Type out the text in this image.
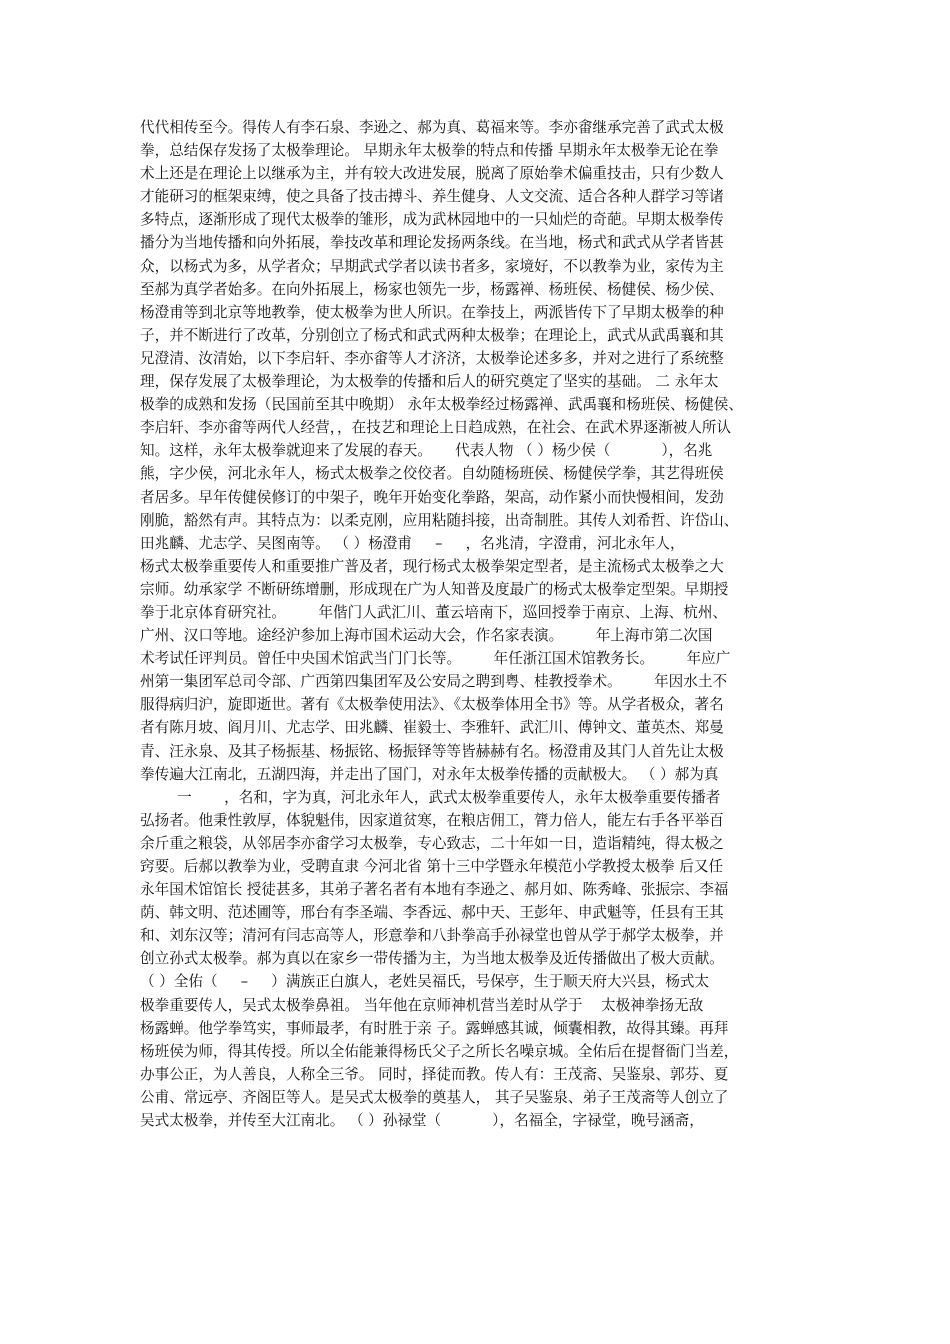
代代相传至今。得传人有李石泉、李逊之、郝为真、葛福来等。李亦畬继承完善了武式太极
拳，总结保存发扬了太极拳理论。 早期永年太极拳的特点和传播 早期永年太极拳无论在拳
术上还是在理论上以继承为主，并有较大改进发展，脱离了原始拳术偏重技击，只有少数人
才能研习的框架束缚，使之具备了技击搏斗、养生健身、人文交流、适合各种人群学习等诸
多特点，逐渐形成了现代太极拳的雏形，成为武林园地中的一只灿烂的奇葩。早期太极拳传
播分为当地传播和向外拓展，拳技改革和理论发扬两条线。在当地，杨式和武式从学者皆甚
众，以杨式为多，从学者众；早期武式学者以读书者多，家境好，不以教拳为业，家传为主
至郝为真学者始多。在向外拓展上，杨家也领先一步，杨露禅、杨班侯、杨健侯、杨少侯、
杨澄甫等到北京等地教拳，使太极拳为世人所识。在拳技上，两派皆传下了早期太极拳的种
子，并不断进行了改革，分别创立了杨式和武式两种太极拳；在理论上，武式从武禹襄和其
兄澄清、汝清始，以下李启轩、李亦畬等人才济济，太极拳论述多多，并对之进行了系统整
理，保存发展了太极拳理论，为太极拳的传播和后人的研究奠定了坚实的基础。 二 永年太
极拳的成熟和发扬（民国前至其中晚期） 永年太极拳经过杨露禅、武禹襄和杨班侯、杨健侯、
李启轩、李亦畬等两代人经营，，在技艺和理论上日趋成熟，在社会、在武术界逐渐被人所认
知。这样，永年太极拳就迎来了发展的春天。     代表人物 （ ）杨少侯（           ），名兆
熊，字少侯，河北永年人，杨式太极拳之佼佼者。自幼随杨班侯、杨健侯学拳，其艺得班侯
者居多。早年传健侯修订的中架子，晚年开始变化拳路，架高，动作紧小而快慢相间，发劲
刚脆，豁然有声。其特点为：以柔克刚，应用粘随抖接，出奇制胜。其传人刘希哲、许岱山、
田兆麟、尤志学、吴图南等。 （ ）杨澄甫     –     ，名兆清，字澄甫，河北永年人，
杨式太极拳重要传人和重要推广普及者，现行杨式太极拳架定型者，是主流杨式太极拳之大
宗师。幼承家学 不断研练增删，形成现在广为人知普及度最广的杨式太极拳定型架。早期授
拳于北京体育研究社。       年偕门人武汇川、董云培南下，巡回授拳于南京、上海、杭州、
广州、汉口等地。途经沪参加上海市国术运动大会，作名家表演。       年上海市第二次国
术考试任评判员。曾任中央国术馆武当门门长等。       年任浙江国术馆教务长。       年应广
州第一集团军总司令部、广西第四集团军及公安局之聘到粤、桂教授拳术。       年因水土不
服得病归沪，旋即逝世。著有《太极拳使用法》、《太极拳体用全书》等。从学者极众，著名
者有陈月坡、阎月川、尤志学、田兆麟、崔毅士、李雅轩、武汇川、傅钟文、董英杰、郑曼
青、汪永泉、及其子杨振基、杨振铭、杨振铎等等皆赫赫有名。杨澄甫及其门人首先让太极
拳传遍大江南北，五湖四海，并走出了国门，对永年太极拳传播的贡献极大。 （ ）郝为真
一       ，名和，字为真，河北永年人，武式太极拳重要传人，永年太极拳重要传播者
弘扬者。他秉性敦厚，体貌魁伟，因家道贫寒，在粮店佣工，膂力倍人，能左右手各平举百
余斤重之粮袋，从邻居李亦畬学习太极拳，专心致志，二十年如一日，造诣精纯，得太极之
窍要。后郝以教拳为业，受聘直隶 今河北省 第十三中学暨永年模范小学教授太极拳 后又任
永年国术馆馆长 授徒甚多，其弟子著名者有本地有李逊之、郝月如、陈秀峰、张振宗、李福
荫、韩文明、范述圃等，邢台有李圣端、李香远、郝中天、王彭年、申武魁等，任县有王其
和、刘东汉等；清河有闫志高等人，形意拳和八卦拳高手孙禄堂也曾从学于郝学太极拳，并
创立孙式太极拳。郝为真以在家乡一带传播为主，为当地太极拳及近传播做出了极大贡献。
（ ）全佑（     –     ）满族正白旗人，老姓吴福氏，号保亭，生于顺天府大兴县，杨式太
极拳重要传人，吴式太极拳鼻祖。 当年他在京师神机营当差时从学于    太极神拳扬无敌
杨露蝉。他学拳笃实，事师最孝，有时胜于亲 子。露蝉感其诚，倾囊相教，故得其臻。再拜
杨班侯为师，得其传授。所以全佑能兼得杨氏父子之所长名噪京城。全佑后在提督衙门当差，
办事公正，为人善良，人称全三爷。 同时，择徒而教。传人有：王茂斋、吴鉴泉、郭芬、夏
公甫、常远亭、齐阁臣等人。是吴式太极拳的奠基人， 其子吴鉴泉、弟子王茂斋等人创立了
吴式太极拳，并传至大江南北。 （ ）孙禄堂（           ），名福全，字禄堂，晚号涵斋，
